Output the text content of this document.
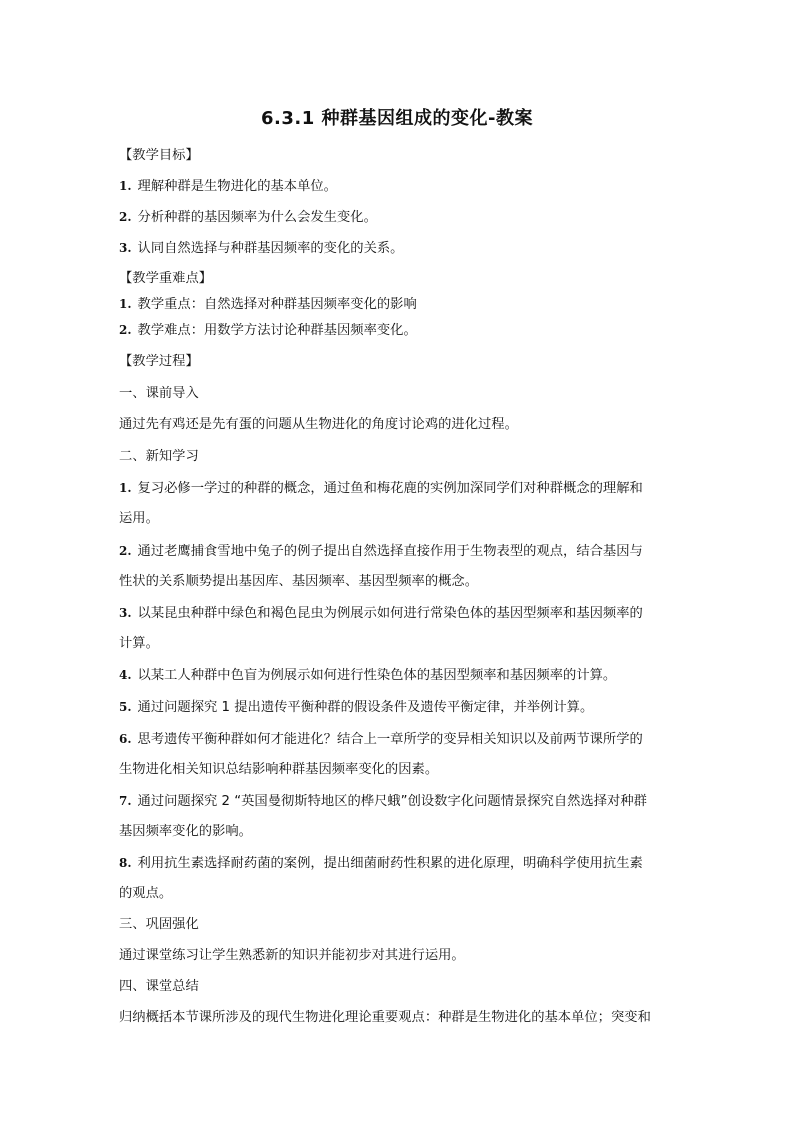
6.3.1 种群基因组成的变化-教案
【教学目标】
1. 理解种群是生物进化的基本单位。
2. 分析种群的基因频率为什么会发生变化。
3. 认同自然选择与种群基因频率的变化的关系。
【教学重难点】
1. 教学重点：自然选择对种群基因频率变化的影响
2. 教学难点：用数学方法讨论种群基因频率变化。
【教学过程】
一、课前导入
通过先有鸡还是先有蛋的问题从生物进化的角度讨论鸡的进化过程。
二、新知学习
1. 复习必修一学过的种群的概念，通过鱼和梅花鹿的实例加深同学们对种群概念的理解和
运用。
2. 通过老鹰捕食雪地中兔子的例子提出自然选择直接作用于生物表型的观点，结合基因与
性状的关系顺势提出基因库、基因频率、基因型频率的概念。
3. 以某昆虫种群中绿色和褐色昆虫为例展示如何进行常染色体的基因型频率和基因频率的
计算。
4. 以某工人种群中色盲为例展示如何进行性染色体的基因型频率和基因频率的计算。
5. 通过问题探究 1 提出遗传平衡种群的假设条件及遗传平衡定律，并举例计算。
6. 思考遗传平衡种群如何才能进化？结合上一章所学的变异相关知识以及前两节课所学的
生物进化相关知识总结影响种群基因频率变化的因素。
7. 通过问题探究 2 “英国曼彻斯特地区的桦尺蛾”创设数字化问题情景探究自然选择对种群
基因频率变化的影响。
8. 利用抗生素选择耐药菌的案例，提出细菌耐药性积累的进化原理，明确科学使用抗生素
的观点。
三、巩固强化
通过课堂练习让学生熟悉新的知识并能初步对其进行运用。
四、课堂总结
归纳概括本节课所涉及的现代生物进化理论重要观点：种群是生物进化的基本单位；突变和
